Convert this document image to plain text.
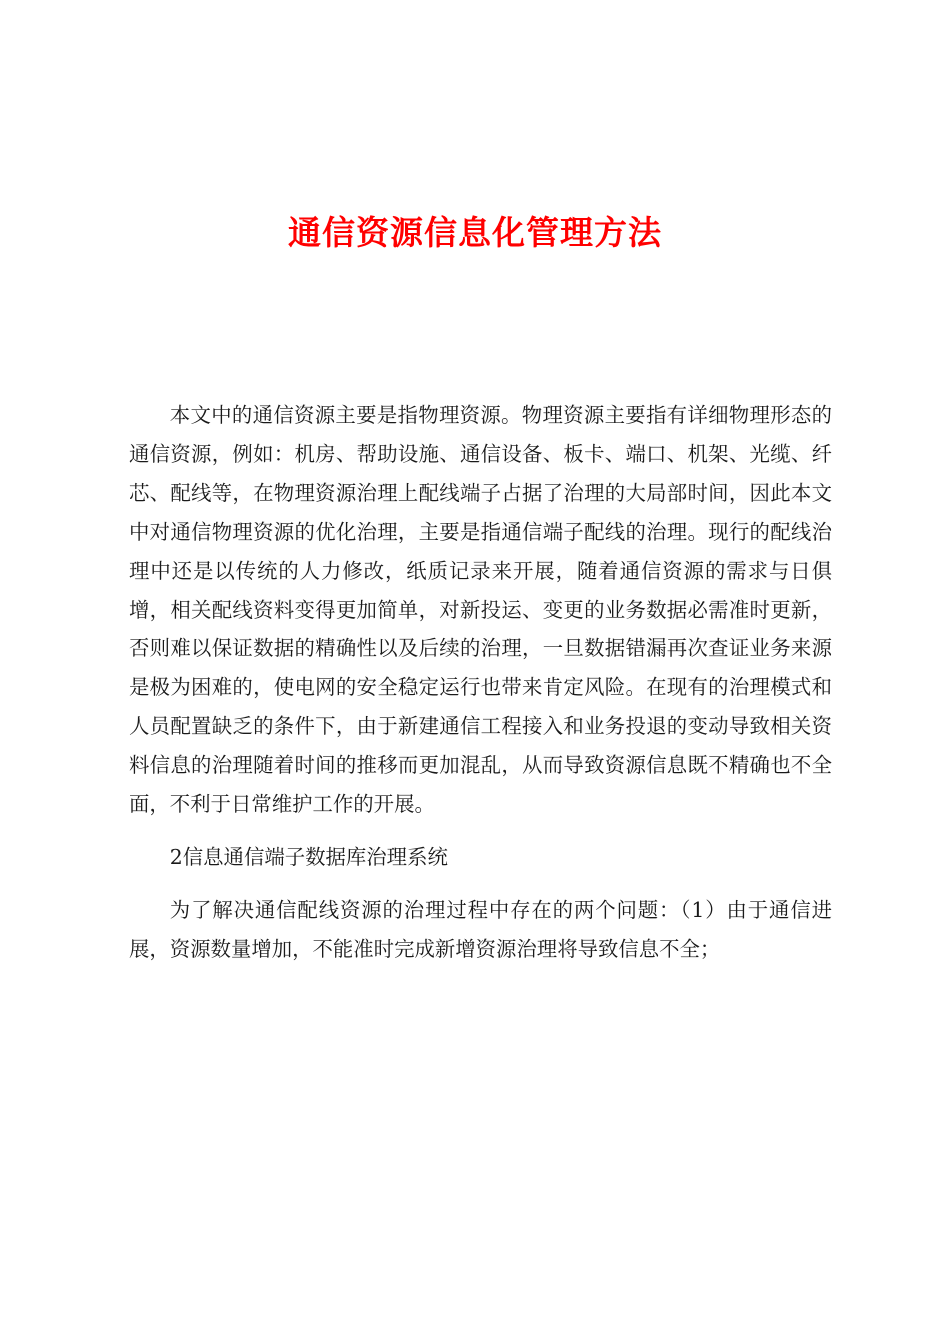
通信资源信息化管理方法

本文中的通信资源主要是指物理资源。物理资源主要指有详细物理形态的通信资源，例如：机房、帮助设施、通信设备、板卡、端口、机架、光缆、纤芯、配线等，在物理资源治理上配线端子占据了治理的大局部时间，因此本文中对通信物理资源的优化治理，主要是指通信端子配线的治理。现行的配线治理中还是以传统的人力修改，纸质记录来开展，随着通信资源的需求与日俱增，相关配线资料变得更加简单，对新投运、变更的业务数据必需准时更新，否则难以保证数据的精确性以及后续的治理，一旦数据错漏再次查证业务来源是极为困难的，使电网的安全稳定运行也带来肯定风险。在现有的治理模式和人员配置缺乏的条件下，由于新建通信工程接入和业务投退的变动导致相关资料信息的治理随着时间的推移而更加混乱，从而导致资源信息既不精确也不全面，不利于日常维护工作的开展。

2信息通信端子数据库治理系统

为了解决通信配线资源的治理过程中存在的两个问题：（1）由于通信进展，资源数量增加，不能准时完成新增资源治理将导致信息不全；
